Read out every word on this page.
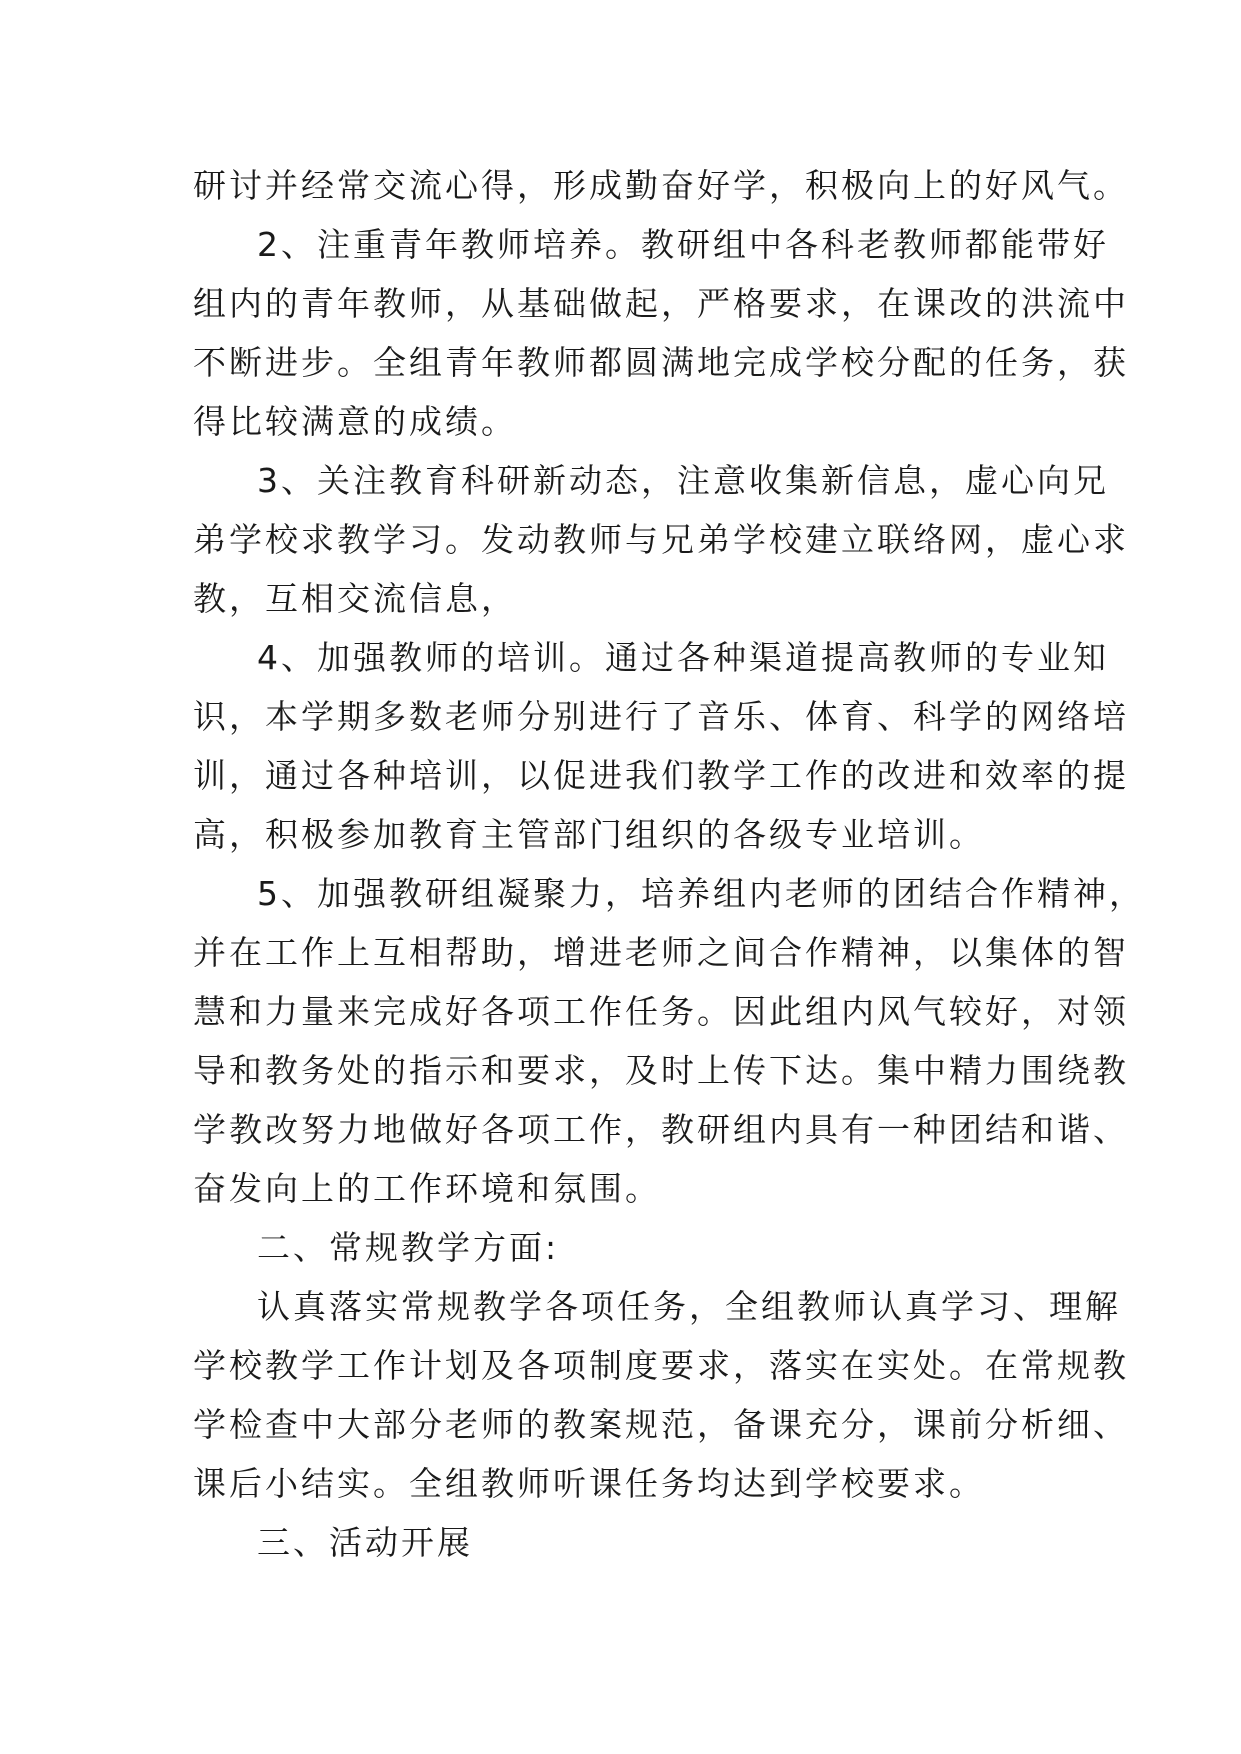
研讨并经常交流心得，形成勤奋好学，积极向上的好风气。
2、注重青年教师培养。教研组中各科老教师都能带好
组内的青年教师，从基础做起，严格要求，在课改的洪流中
不断进步。全组青年教师都圆满地完成学校分配的任务，获
得比较满意的成绩。
3、关注教育科研新动态，注意收集新信息，虚心向兄
弟学校求教学习。发动教师与兄弟学校建立联络网，虚心求
教，互相交流信息，
4、加强教师的培训。通过各种渠道提高教师的专业知
识，本学期多数老师分别进行了音乐、体育、科学的网络培
训，通过各种培训，以促进我们教学工作的改进和效率的提
高，积极参加教育主管部门组织的各级专业培训。
5、加强教研组凝聚力，培养组内老师的团结合作精神，
并在工作上互相帮助，增进老师之间合作精神，以集体的智
慧和力量来完成好各项工作任务。因此组内风气较好，对领
导和教务处的指示和要求，及时上传下达。集中精力围绕教
学教改努力地做好各项工作，教研组内具有一种团结和谐、
奋发向上的工作环境和氛围。
二、常规教学方面:
认真落实常规教学各项任务，全组教师认真学习、理解
学校教学工作计划及各项制度要求，落实在实处。在常规教
学检查中大部分老师的教案规范，备课充分，课前分析细、
课后小结实。全组教师听课任务均达到学校要求。
三、活动开展
